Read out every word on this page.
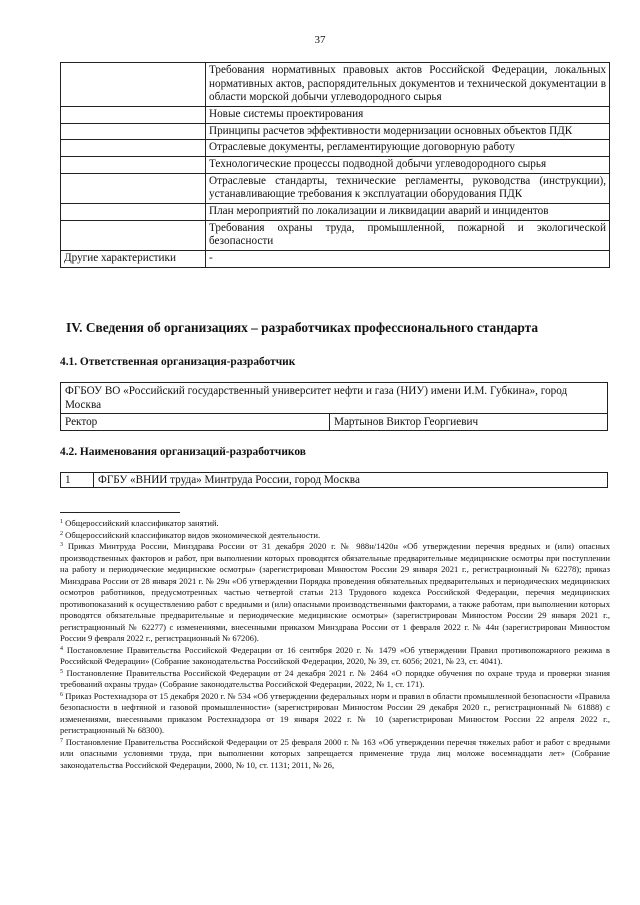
37
	Требования нормативных правовых актов Российской Федерации, локальных нормативных актов, распорядительных документов и технической документации в области морской добычи углеводородного сырья
	Новые системы проектирования
	Принципы расчетов эффективности модернизации основных объектов ПДК
	Отраслевые документы, регламентирующие договорную работу
	Технологические процессы подводной добычи углеводородного сырья
	Отраслевые стандарты, технические регламенты, руководства (инструкции), устанавливающие требования к эксплуатации оборудования ПДК
	План мероприятий по локализации и ликвидации аварий и инцидентов
	Требования охраны труда, промышленной, пожарной и экологической безопасности
Другие характеристики	-
IV. Сведения об организациях – разработчиках профессионального стандарта
4.1. Ответственная организация-разработчик
ФГБОУ ВО «Российский государственный университет нефти и газа (НИУ) имени И.М. Губкина», город Москва
Ректор	Мартынов Виктор Георгиевич
4.2. Наименования организаций-разработчиков
1	ФГБУ «ВНИИ труда» Минтруда России, город Москва

$^1$ Общероссийский классификатор занятий.

$^2$ Общероссийский классификатор видов экономической деятельности.

$^3$ Приказ Минтруда России, Минздрава России от 31 декабря 2020 г. № 988н/1420н «Об утверждении перечня вредных и (или) опасных производственных факторов и работ, при выполнении которых проводятся обязательные предварительные медицинские осмотры при поступлении на работу и периодические медицинские осмотры» (зарегистрирован Минюстом России 29 января 2021 г., регистрационный № 62278); приказ Минздрава России от 28 января 2021 г. № 29н «Об утверждении Порядка проведения обязательных предварительных и периодических медицинских осмотров работников, предусмотренных частью четвертой статьи 213 Трудового кодекса Российской Федерации, перечня медицинских противопоказаний к осуществлению работ с вредными и (или) опасными производственными факторами, а также работам, при выполнении которых проводятся обязательные предварительные и периодические медицинские осмотры» (зарегистрирован Минюстом России 29 января 2021 г., регистрационный № 62277) с изменениями, внесенными приказом Минздрава России от 1 февраля 2022 г. № 44н (зарегистрирован Минюстом России 9 февраля 2022 г., регистрационный № 67206).

$^4$ Постановление Правительства Российской Федерации от 16 сентября 2020 г. № 1479 «Об утверждении Правил противопожарного режима в Российской Федерации» (Собрание законодательства Российской Федерации, 2020, № 39, ст. 6056; 2021, № 23, ст. 4041).

$^5$ Постановление Правительства Российской Федерации от 24 декабря 2021 г. № 2464 «О порядке обучения по охране труда и проверки знания требований охраны труда» (Собрание законодательства Российской Федерации, 2022, № 1, ст. 171).

$^6$ Приказ Ростехнадзора от 15 декабря 2020 г. № 534 «Об утверждении федеральных норм и правил в области промышленной безопасности «Правила безопасности в нефтяной и газовой промышленности» (зарегистрирован Минюстом России 29 декабря 2020 г., регистрационный № 61888) с изменениями, внесенными приказом Ростехнадзора от 19 января 2022 г. № 10 (зарегистрирован Минюстом России 22 апреля 2022 г., регистрационный № 68300).

$^7$ Постановление Правительства Российской Федерации от 25 февраля 2000 г. № 163 «Об утверждении перечня тяжелых работ и работ с вредными или опасными условиями труда, при выполнении которых запрещается применение труда лиц моложе восемнадцати лет» (Собрание законодательства Российской Федерации, 2000, № 10, ст. 1131; 2011, № 26,
